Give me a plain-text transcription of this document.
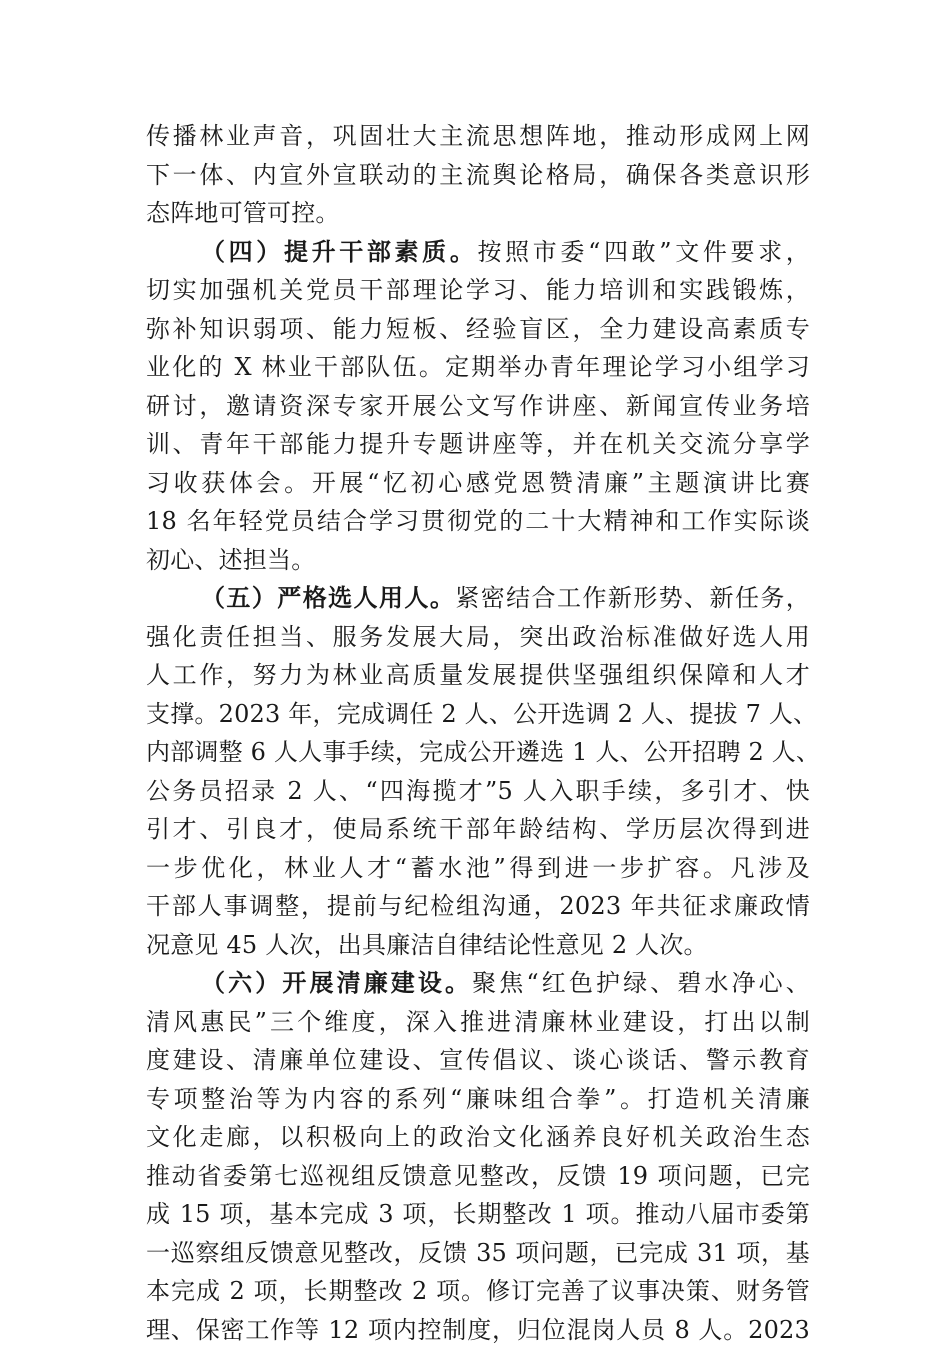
传播林业声音，巩固壮大主流思想阵地，推动形成网上网
下一体、内宣外宣联动的主流舆论格局，确保各类意识形
态阵地可管可控。
（四）提升干部素质。按照市委“四敢”文件要求，
切实加强机关党员干部理论学习、能力培训和实践锻炼，
弥补知识弱项、能力短板、经验盲区，全力建设高素质专
业化的 X 林业干部队伍。定期举办青年理论学习小组学习
研讨，邀请资深专家开展公文写作讲座、新闻宣传业务培
训、青年干部能力提升专题讲座等，并在机关交流分享学
习收获体会。开展“忆初心感党恩赞清廉”主题演讲比赛
18 名年轻党员结合学习贯彻党的二十大精神和工作实际谈
初心、述担当。
（五）严格选人用人。紧密结合工作新形势、新任务，
强化责任担当、服务发展大局，突出政治标准做好选人用
人工作，努力为林业高质量发展提供坚强组织保障和人才
支撑。2023 年，完成调任 2 人、公开选调 2 人、提拔 7 人、
内部调整 6 人人事手续，完成公开遴选 1 人、公开招聘 2 人、
公务员招录 2 人、“四海揽才”5 人入职手续，多引才、快
引才、引良才，使局系统干部年龄结构、学历层次得到进
一步优化，林业人才“蓄水池”得到进一步扩容。凡涉及
干部人事调整，提前与纪检组沟通，2023 年共征求廉政情
况意见 45 人次，出具廉洁自律结论性意见 2 人次。
（六）开展清廉建设。聚焦“红色护绿、碧水净心、
清风惠民”三个维度，深入推进清廉林业建设，打出以制
度建设、清廉单位建设、宣传倡议、谈心谈话、警示教育
专项整治等为内容的系列“廉味组合拳”。打造机关清廉
文化走廊，以积极向上的政治文化涵养良好机关政治生态
推动省委第七巡视组反馈意见整改，反馈 19 项问题，已完
成 15 项，基本完成 3 项，长期整改 1 项。推动八届市委第
一巡察组反馈意见整改，反馈 35 项问题，已完成 31 项，基
本完成 2 项，长期整改 2 项。修订完善了议事决策、财务管
理、保密工作等 12 项内控制度，归位混岗人员 8 人。2023
